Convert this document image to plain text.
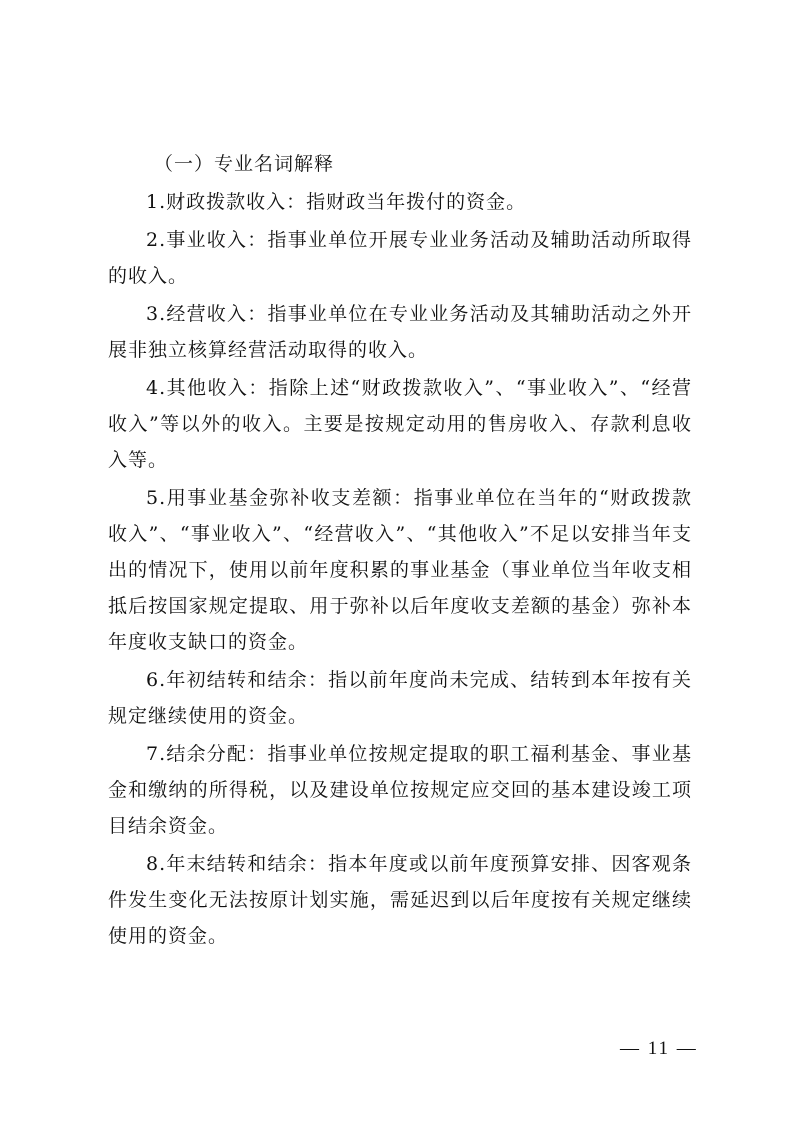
（一）专业名词解释

1.财政拨款收入：指财政当年拨付的资金。

2.事业收入：指事业单位开展专业业务活动及辅助活动所取得的收入。

3.经营收入：指事业单位在专业业务活动及其辅助活动之外开展非独立核算经营活动取得的收入。

4.其他收入：指除上述“财政拨款收入”、“事业收入”、“经营收入”等以外的收入。主要是按规定动用的售房收入、存款利息收入等。

5.用事业基金弥补收支差额：指事业单位在当年的“财政拨款收入”、“事业收入”、“经营收入”、“其他收入”不足以安排当年支出的情况下，使用以前年度积累的事业基金（事业单位当年收支相抵后按国家规定提取、用于弥补以后年度收支差额的基金）弥补本年度收支缺口的资金。

6.年初结转和结余：指以前年度尚未完成、结转到本年按有关规定继续使用的资金。

7.结余分配：指事业单位按规定提取的职工福利基金、事业基金和缴纳的所得税，以及建设单位按规定应交回的基本建设竣工项目结余资金。

8.年末结转和结余：指本年度或以前年度预算安排、因客观条件发生变化无法按原计划实施，需延迟到以后年度按有关规定继续使用的资金。

— 11 —
